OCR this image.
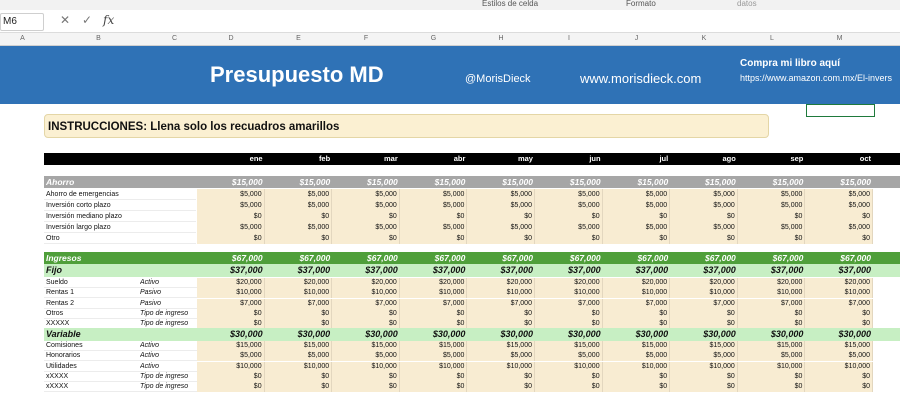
Estilos de celda	Formato	datos
M6	✕ ✓ fx
A	B	C	D	E	F	G	H	I	J	K	L	M
Presupuesto MD	@MorisDieck	www.morisdieck.com
Compra mi libro aquí
https://www.amazon.com.mx/El-invers
INSTRUCCIONES: Llena solo los recuadros amarillos
ene	feb	mar	abr	may	jun	jul	ago	sep	oct
Ahorro	$15,000	$15,000	$15,000	$15,000	$15,000	$15,000	$15,000	$15,000	$15,000	$15,000
Ahorro de emergencias	$5,000	$5,000	$5,000	$5,000	$5,000	$5,000	$5,000	$5,000	$5,000	$5,000
Inversión corto plazo	$5,000	$5,000	$5,000	$5,000	$5,000	$5,000	$5,000	$5,000	$5,000	$5,000
Inversión mediano plazo	$0	$0	$0	$0	$0	$0	$0	$0	$0	$0
Inversión largo plazo	$5,000	$5,000	$5,000	$5,000	$5,000	$5,000	$5,000	$5,000	$5,000	$5,000
Otro	$0	$0	$0	$0	$0	$0	$0	$0	$0	$0
Ingresos	$67,000	$67,000	$67,000	$67,000	$67,000	$67,000	$67,000	$67,000	$67,000	$67,000
Fijo	$37,000	$37,000	$37,000	$37,000	$37,000	$37,000	$37,000	$37,000	$37,000	$37,000
Sueldo	Activo	$20,000	$20,000	$20,000	$20,000	$20,000	$20,000	$20,000	$20,000	$20,000	$20,000
Rentas 1	Pasivo	$10,000	$10,000	$10,000	$10,000	$10,000	$10,000	$10,000	$10,000	$10,000	$10,000
Rentas 2	Pasivo	$7,000	$7,000	$7,000	$7,000	$7,000	$7,000	$7,000	$7,000	$7,000	$7,000
Otros	Tipo de ingreso	$0	$0	$0	$0	$0	$0	$0	$0	$0	$0
XXXXX	Tipo de ingreso	$0	$0	$0	$0	$0	$0	$0	$0	$0	$0
Variable	$30,000	$30,000	$30,000	$30,000	$30,000	$30,000	$30,000	$30,000	$30,000	$30,000
Comisiones	Activo	$15,000	$15,000	$15,000	$15,000	$15,000	$15,000	$15,000	$15,000	$15,000	$15,000
Honorarios	Activo	$5,000	$5,000	$5,000	$5,000	$5,000	$5,000	$5,000	$5,000	$5,000	$5,000
Utilidades	Activo	$10,000	$10,000	$10,000	$10,000	$10,000	$10,000	$10,000	$10,000	$10,000	$10,000
xXXXX	Tipo de ingreso	$0	$0	$0	$0	$0	$0	$0	$0	$0	$0
xXXXX	Tipo de ingreso	$0	$0	$0	$0	$0	$0	$0	$0	$0	$0
